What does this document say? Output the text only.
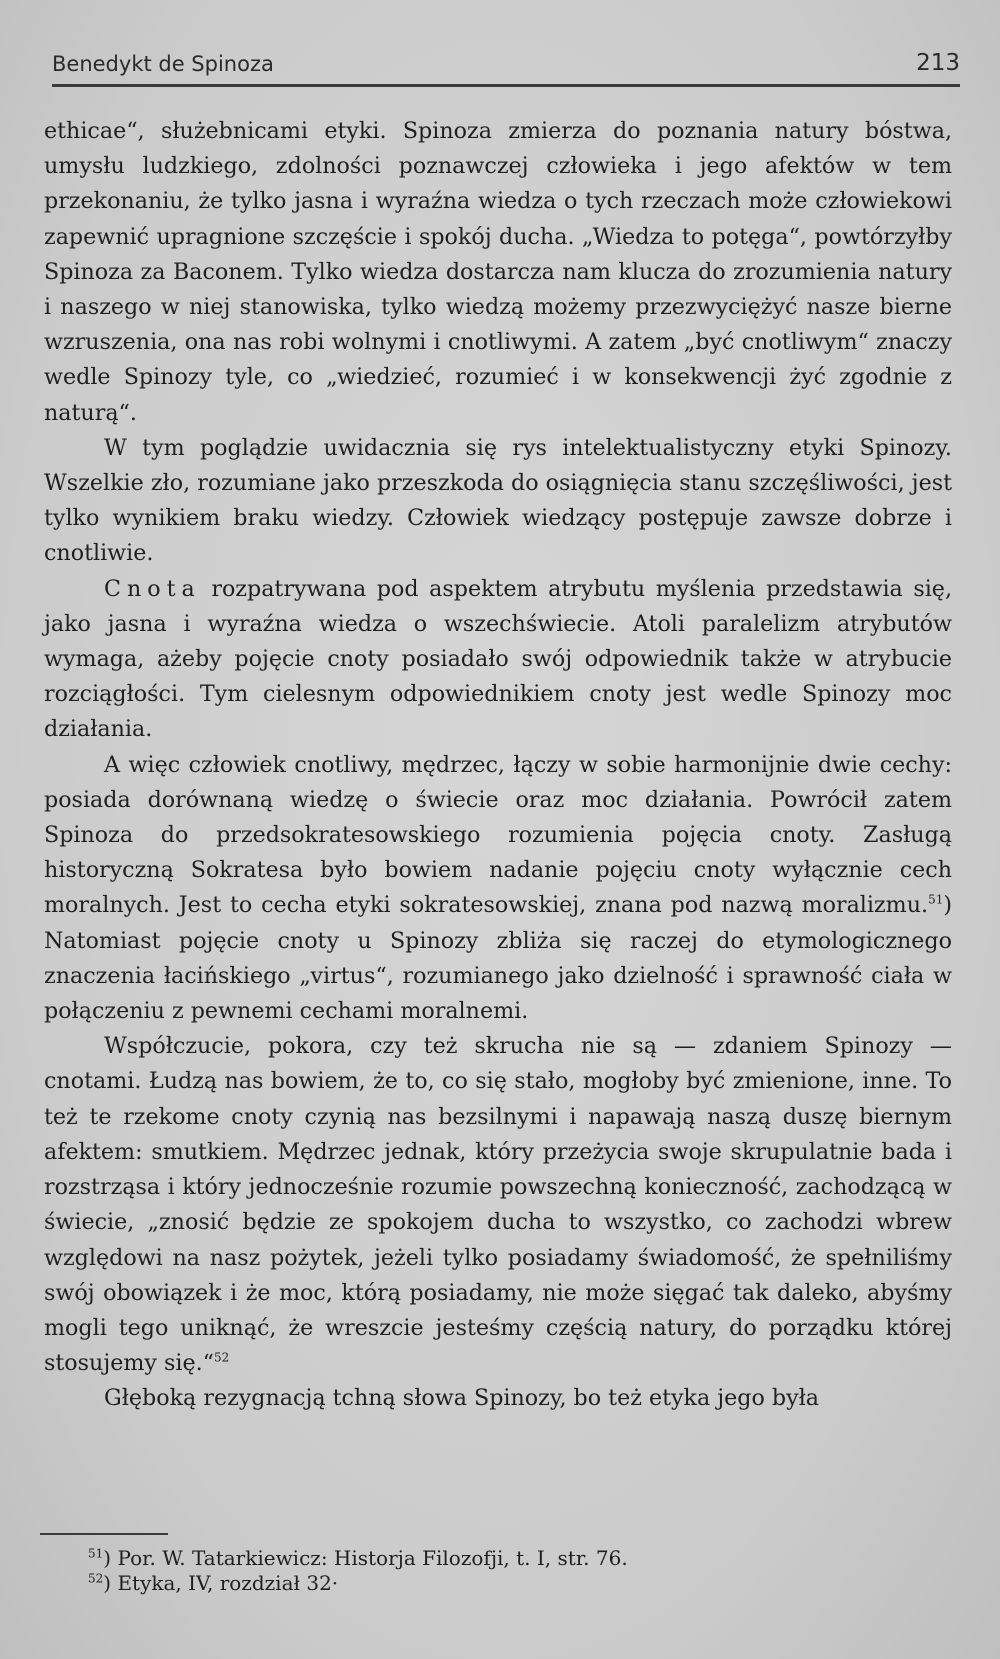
Benedykt de Spinoza	213

ethicae“, służebnicami etyki. Spinoza zmierza do poznania natury bóstwa, umysłu ludzkiego, zdolności poznawczej człowieka i jego afektów w tem przekonaniu, że tylko jasna i wyraźna wiedza o tych rzeczach może człowiekowi zapewnić upragnione szczęście i spokój ducha. „Wiedza to potęga“, powtórzyłby Spinoza za Baconem. Tylko wiedza dostarcza nam klucza do zrozumienia natury i naszego w niej stanowiska, tylko wiedzą możemy przezwyciężyć nasze bierne wzruszenia, ona nas robi wolnymi i cnotliwymi. A zatem „być cnotliwym“ znaczy wedle Spinozy tyle, co „wiedzieć, rozumieć i w konsekwencji żyć zgodnie z naturą“.

W tym poglądzie uwidacznia się rys intelektualistyczny etyki Spinozy. Wszelkie zło, rozumiane jako przeszkoda do osiągnięcia stanu szczęśliwości, jest tylko wynikiem braku wiedzy. Człowiek wiedzący postępuje zawsze dobrze i cnotliwie.

Cnota rozpatrywana pod aspektem atrybutu myślenia przedstawia się, jako jasna i wyraźna wiedza o wszechświecie. Atoli paralelizm atrybutów wymaga, ażeby pojęcie cnoty posiadało swój odpowiednik także w atrybucie rozciągłości. Tym cielesnym odpowiednikiem cnoty jest wedle Spinozy moc działania.

A więc człowiek cnotliwy, mędrzec, łączy w sobie harmonijnie dwie cechy: posiada dorównaną wiedzę o świecie oraz moc działania. Powrócił zatem Spinoza do przedsokratesowskiego rozumienia pojęcia cnoty. Zasługą historyczną Sokratesa było bowiem nadanie pojęciu cnoty wyłącznie cech moralnych. Jest to cecha etyki sokratesowskiej, znana pod nazwą moralizmu.$^{51}$) Natomiast pojęcie cnoty u Spinozy zbliża się raczej do etymologicznego znaczenia łacińskiego „virtus“, rozumianego jako dzielność i sprawność ciała w połączeniu z pewnemi cechami moralnemi.

Współczucie, pokora, czy też skrucha nie są — zdaniem Spinozy — cnotami. Łudzą nas bowiem, że to, co się stało, mogłoby być zmienione, inne. To też te rzekome cnoty czynią nas bezsilnymi i napawają naszą duszę biernym afektem: smutkiem. Mędrzec jednak, który przeżycia swoje skrupulatnie bada i rozstrząsa i który jednocześnie rozumie powszechną konieczność, zachodzącą w świecie, „znosić będzie ze spokojem ducha to wszystko, co zachodzi wbrew względowi na nasz pożytek, jeżeli tylko posiadamy świadomość, że spełniliśmy swój obowiązek i że moc, którą posiadamy, nie może sięgać tak daleko, abyśmy mogli tego uniknąć, że wreszcie jesteśmy częścią natury, do porządku której stosujemy się.“$^{52}$

Głęboką rezygnacją tchną słowa Spinozy, bo też etyka jego była

$^{51}$) Por. W. Tatarkiewicz: Historja Filozofji, t. I, str. 76.
$^{52}$) Etyka, IV, rozdział 32·
